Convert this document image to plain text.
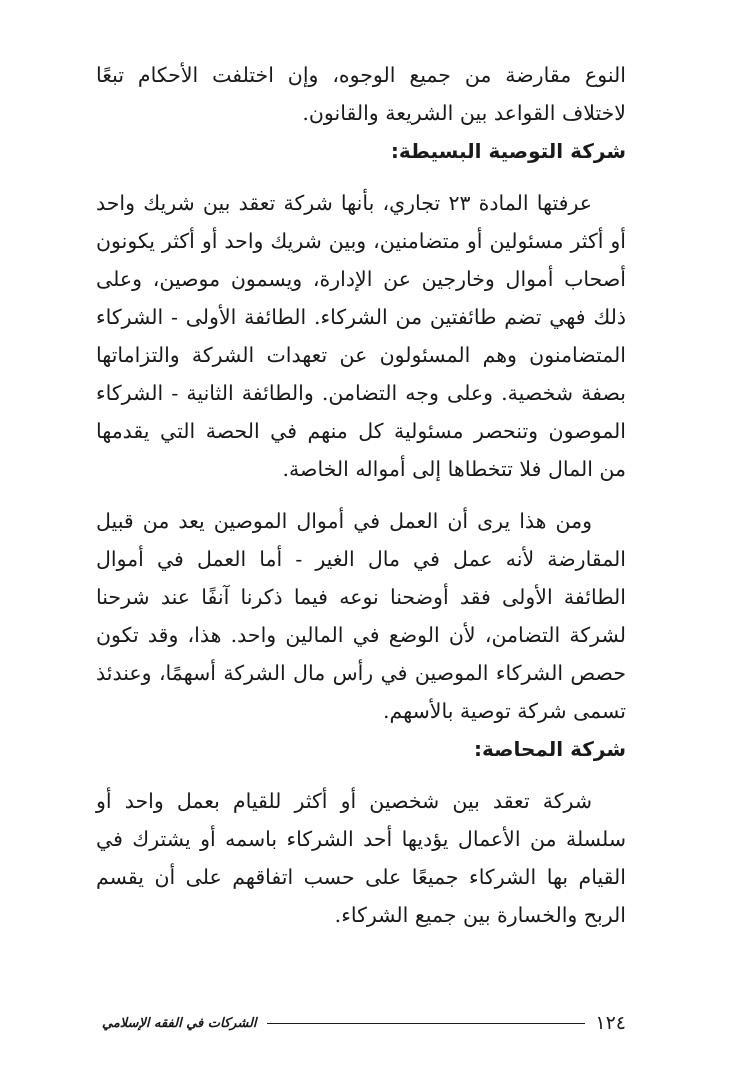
النوع مقارضة من جميع الوجوه، وإن اختلفت الأحكام تبعًا لاختلاف القواعد بين الشريعة والقانون.

شركة التوصية البسيطة:

عرفتها المادة ٢٣ تجاري، بأنها شركة تعقد بين شريك واحد أو أكثر مسئولين أو متضامنين، وبين شريك واحد أو أكثر يكونون أصحاب أموال وخارجين عن الإدارة، ويسمون موصين، وعلى ذلك فهي تضم طائفتين من الشركاء. الطائفة الأولى - الشركاء المتضامنون وهم المسئولون عن تعهدات الشركة والتزاماتها بصفة شخصية. وعلى وجه التضامن. والطائفة الثانية - الشركاء الموصون وتنحصر مسئولية كل منهم في الحصة التي يقدمها من المال فلا تتخطاها إلى أمواله الخاصة.

ومن هذا يرى أن العمل في أموال الموصين يعد من قبيل المقارضة لأنه عمل في مال الغير - أما العمل في أموال الطائفة الأولى فقد أوضحنا نوعه فيما ذكرنا آنفًا عند شرحنا لشركة التضامن، لأن الوضع في المالين واحد. هذا، وقد تكون حصص الشركاء الموصين في رأس مال الشركة أسهمًا، وعندئذ تسمى شركة توصية بالأسهم.

شركة المحاصة:

شركة تعقد بين شخصين أو أكثر للقيام بعمل واحد أو سلسلة من الأعمال يؤديها أحد الشركاء باسمه أو يشترك في القيام بها الشركاء جميعًا على حسب اتفاقهم على أن يقسم الربح والخسارة بين جميع الشركاء.

١٢٤
الشركات في الفقه الإسلامي
